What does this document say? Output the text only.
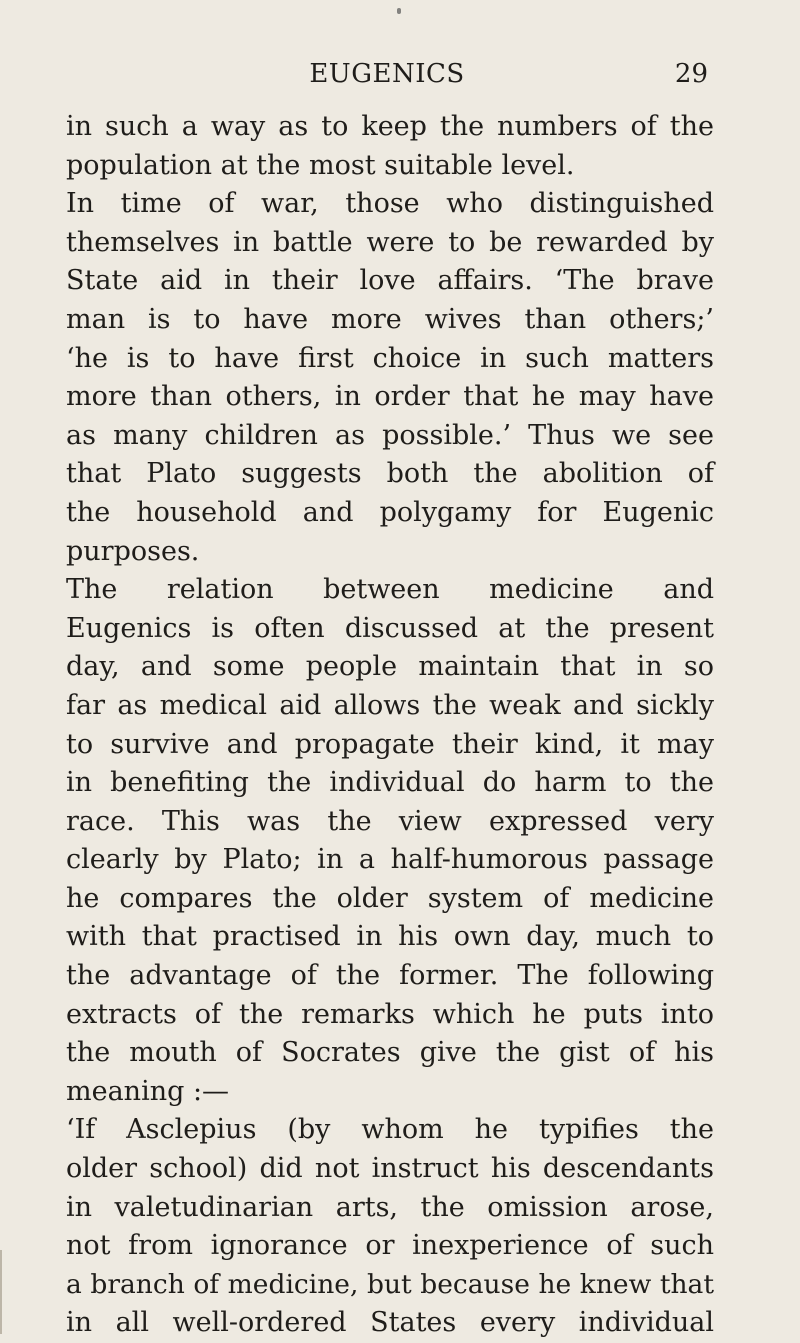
EUGENICS	29
in such a way as to keep the numbers of the
population at the most suitable level.
In time of war, those who distinguished
themselves in battle were to be rewarded by
State aid in their love affairs. ‘The brave
man is to have more wives than others;’
‘he is to have first choice in such matters
more than others, in order that he may have
as many children as possible.’ Thus we see
that Plato suggests both the abolition of
the household and polygamy for Eugenic
purposes.
The relation between medicine and
Eugenics is often discussed at the present
day, and some people maintain that in so
far as medical aid allows the weak and sickly
to survive and propagate their kind, it may
in benefiting the individual do harm to the
race. This was the view expressed very
clearly by Plato; in a half-humorous passage
he compares the older system of medicine
with that practised in his own day, much to
the advantage of the former. The following
extracts of the remarks which he puts into
the mouth of Socrates give the gist of his
meaning :—
‘If Asclepius (by whom he typifies the
older school) did not instruct his descendants
in valetudinarian arts, the omission arose,
not from ignorance or inexperience of such
a branch of medicine, but because he knew that
in all well-ordered States every individual
